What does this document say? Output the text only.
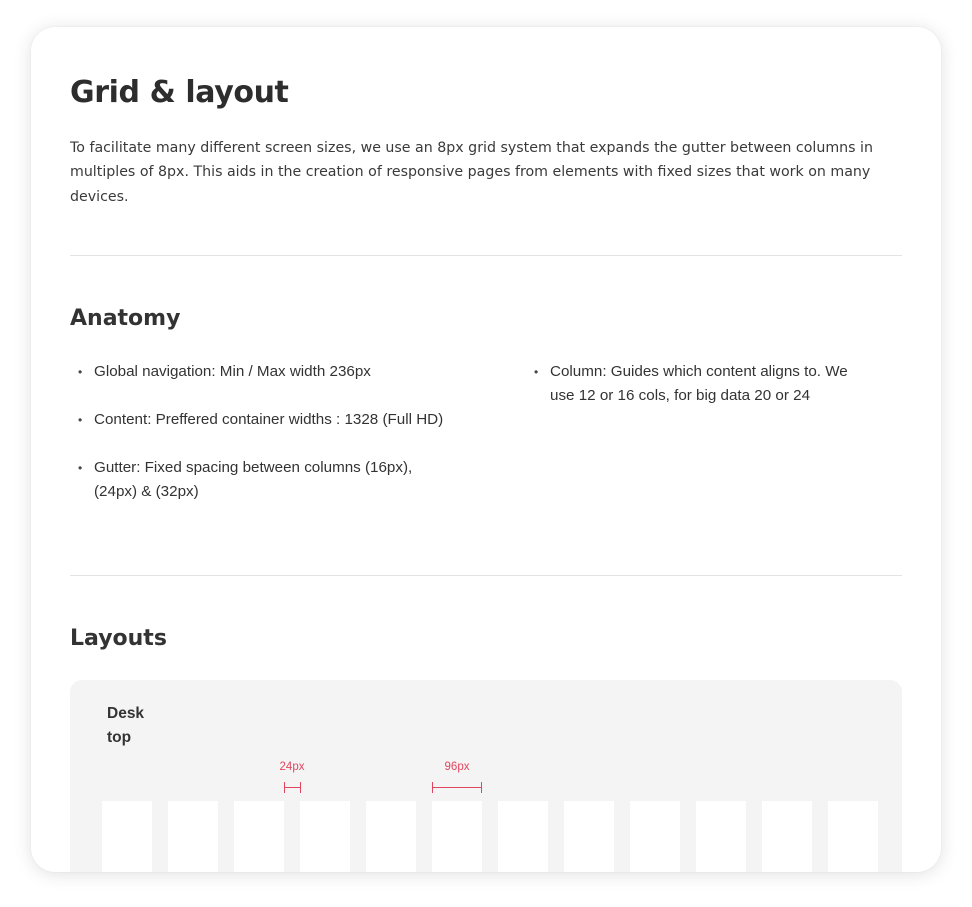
Grid & layout

To facilitate many different screen sizes, we use an 8px grid system that expands the gutter between columns in multiples of 8px. This aids in the creation of responsive pages from elements with fixed sizes that work on many devices.

Anatomy
• Global navigation: Min / Max width 236px
• Content: Preffered container widths : 1328 (Full HD)
• Gutter: Fixed spacing between columns (16px), (24px) & (32px)
• Column: Guides which content aligns to. We use 12 or 16 cols, for big data 20 or 24
Layouts
Desk top
24px	96px
